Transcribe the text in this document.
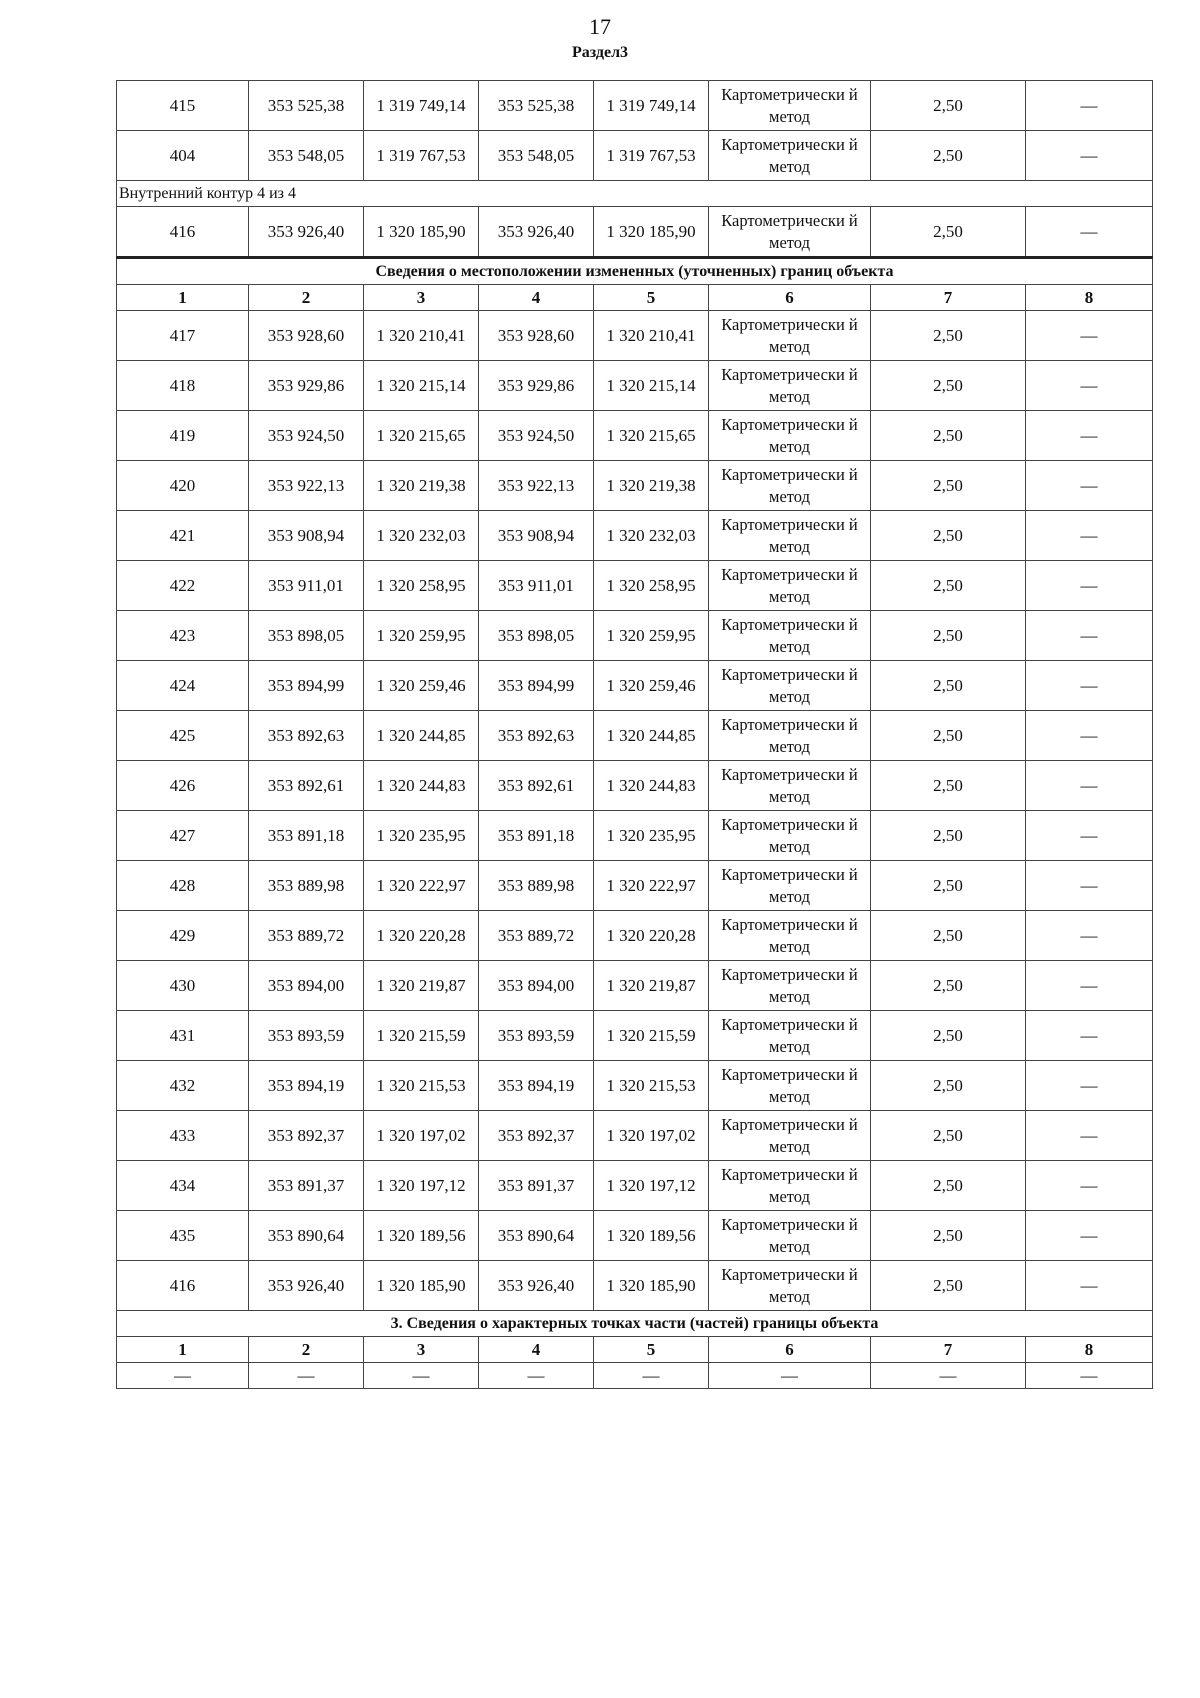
17
Раздел3
415	353 525,38	1 319 749,14	353 525,38	1 319 749,14	Картометрически й метод	2,50	—
404	353 548,05	1 319 767,53	353 548,05	1 319 767,53	Картометрически й метод	2,50	—
Внутренний контур 4 из 4							
416	353 926,40	1 320 185,90	353 926,40	1 320 185,90	Картометрически й метод	2,50	—
Сведения о местоположении измененных (уточненных) границ объекта							
1	2	3	4	5	6	7	8
417	353 928,60	1 320 210,41	353 928,60	1 320 210,41	Картометрически й метод	2,50	—
418	353 929,86	1 320 215,14	353 929,86	1 320 215,14	Картометрически й метод	2,50	—
419	353 924,50	1 320 215,65	353 924,50	1 320 215,65	Картометрически й метод	2,50	—
420	353 922,13	1 320 219,38	353 922,13	1 320 219,38	Картометрически й метод	2,50	—
421	353 908,94	1 320 232,03	353 908,94	1 320 232,03	Картометрически й метод	2,50	—
422	353 911,01	1 320 258,95	353 911,01	1 320 258,95	Картометрически й метод	2,50	—
423	353 898,05	1 320 259,95	353 898,05	1 320 259,95	Картометрически й метод	2,50	—
424	353 894,99	1 320 259,46	353 894,99	1 320 259,46	Картометрически й метод	2,50	—
425	353 892,63	1 320 244,85	353 892,63	1 320 244,85	Картометрически й метод	2,50	—
426	353 892,61	1 320 244,83	353 892,61	1 320 244,83	Картометрически й метод	2,50	—
427	353 891,18	1 320 235,95	353 891,18	1 320 235,95	Картометрически й метод	2,50	—
428	353 889,98	1 320 222,97	353 889,98	1 320 222,97	Картометрически й метод	2,50	—
429	353 889,72	1 320 220,28	353 889,72	1 320 220,28	Картометрически й метод	2,50	—
430	353 894,00	1 320 219,87	353 894,00	1 320 219,87	Картометрически й метод	2,50	—
431	353 893,59	1 320 215,59	353 893,59	1 320 215,59	Картометрически й метод	2,50	—
432	353 894,19	1 320 215,53	353 894,19	1 320 215,53	Картометрически й метод	2,50	—
433	353 892,37	1 320 197,02	353 892,37	1 320 197,02	Картометрически й метод	2,50	—
434	353 891,37	1 320 197,12	353 891,37	1 320 197,12	Картометрически й метод	2,50	—
435	353 890,64	1 320 189,56	353 890,64	1 320 189,56	Картометрически й метод	2,50	—
416	353 926,40	1 320 185,90	353 926,40	1 320 185,90	Картометрически й метод	2,50	—
3. Сведения о характерных точках части (частей) границы объекта							
1	2	3	4	5	6	7	8
—	—	—	—	—	—	—	—
